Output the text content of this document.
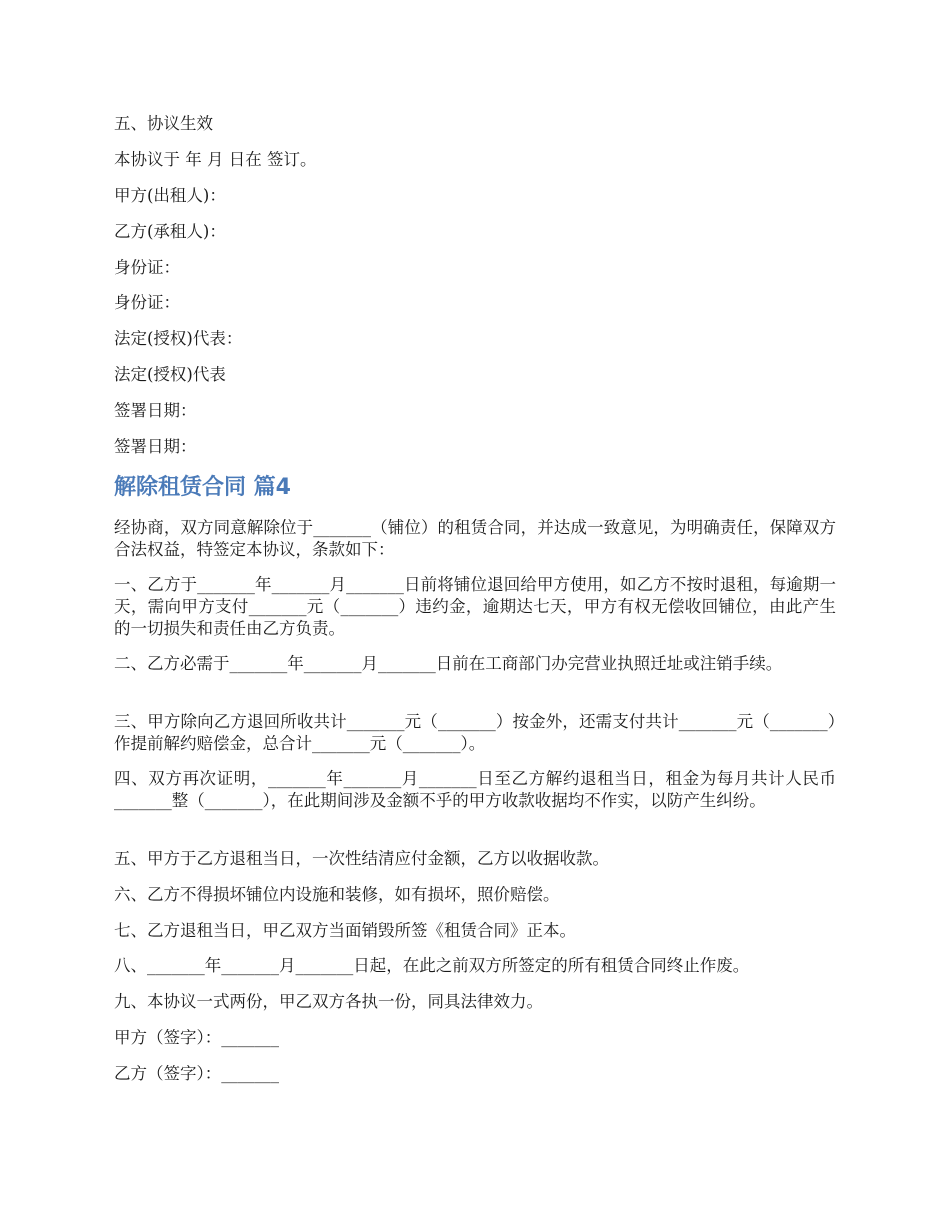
五、协议生效
本协议于 年 月 日在 签订。
甲方(出租人)：
乙方(承租人)：
身份证：
身份证：
法定(授权)代表：
法定(授权)代表
签署日期：
签署日期：
解除租赁合同 篇4
经协商，双方同意解除位于_______（铺位）的租赁合同，并达成一致意见，为明确责任，保障双方合法权益，特签定本协议，条款如下：
一、乙方于_______年_______月_______日前将铺位退回给甲方使用，如乙方不按时退租，每逾期一天，需向甲方支付_______元（_______）违约金，逾期达七天，甲方有权无偿收回铺位，由此产生的一切损失和责任由乙方负责。
二、乙方必需于_______年_______月_______日前在工商部门办完营业执照迁址或注销手续。
三、甲方除向乙方退回所收共计_______元（_______）按金外，还需支付共计_______元（_______）作提前解约赔偿金，总合计_______元（_______）。
四、双方再次证明，_______年_______月_______日至乙方解约退租当日，租金为每月共计人民币_______整（_______），在此期间涉及金额不乎的甲方收款收据均不作实，以防产生纠纷。
五、甲方于乙方退租当日，一次性结清应付金额，乙方以收据收款。
六、乙方不得损坏铺位内设施和装修，如有损坏，照价赔偿。
七、乙方退租当日，甲乙双方当面销毁所签《租赁合同》正本。
八、_______年_______月_______日起，在此之前双方所签定的所有租赁合同终止作废。
九、本协议一式两份，甲乙双方各执一份，同具法律效力。
甲方（签字）：_______
乙方（签字）：_______
